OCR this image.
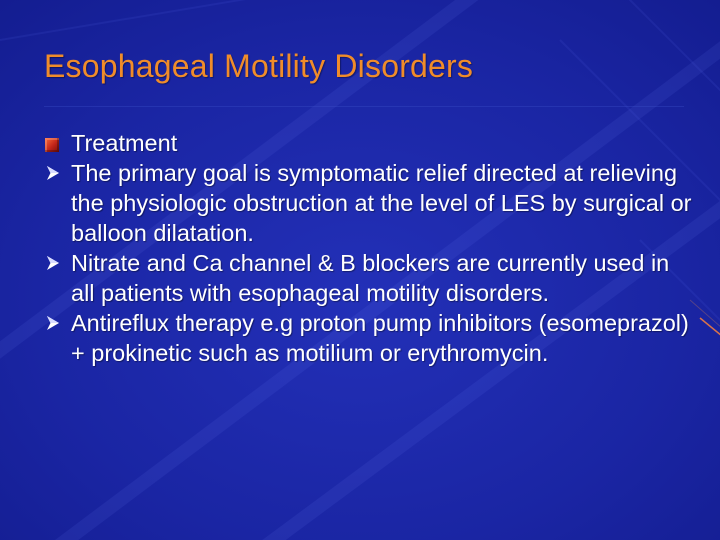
Esophageal Motility Disorders
Treatment
The primary goal is symptomatic relief directed at relieving the physiologic obstruction at the level of LES by surgical or balloon dilatation.
Nitrate and Ca channel & B blockers are currently used in all patients with esophageal motility disorders.
Antireflux therapy e.g proton pump inhibitors (esomeprazol) + prokinetic such as motilium or erythromycin.
